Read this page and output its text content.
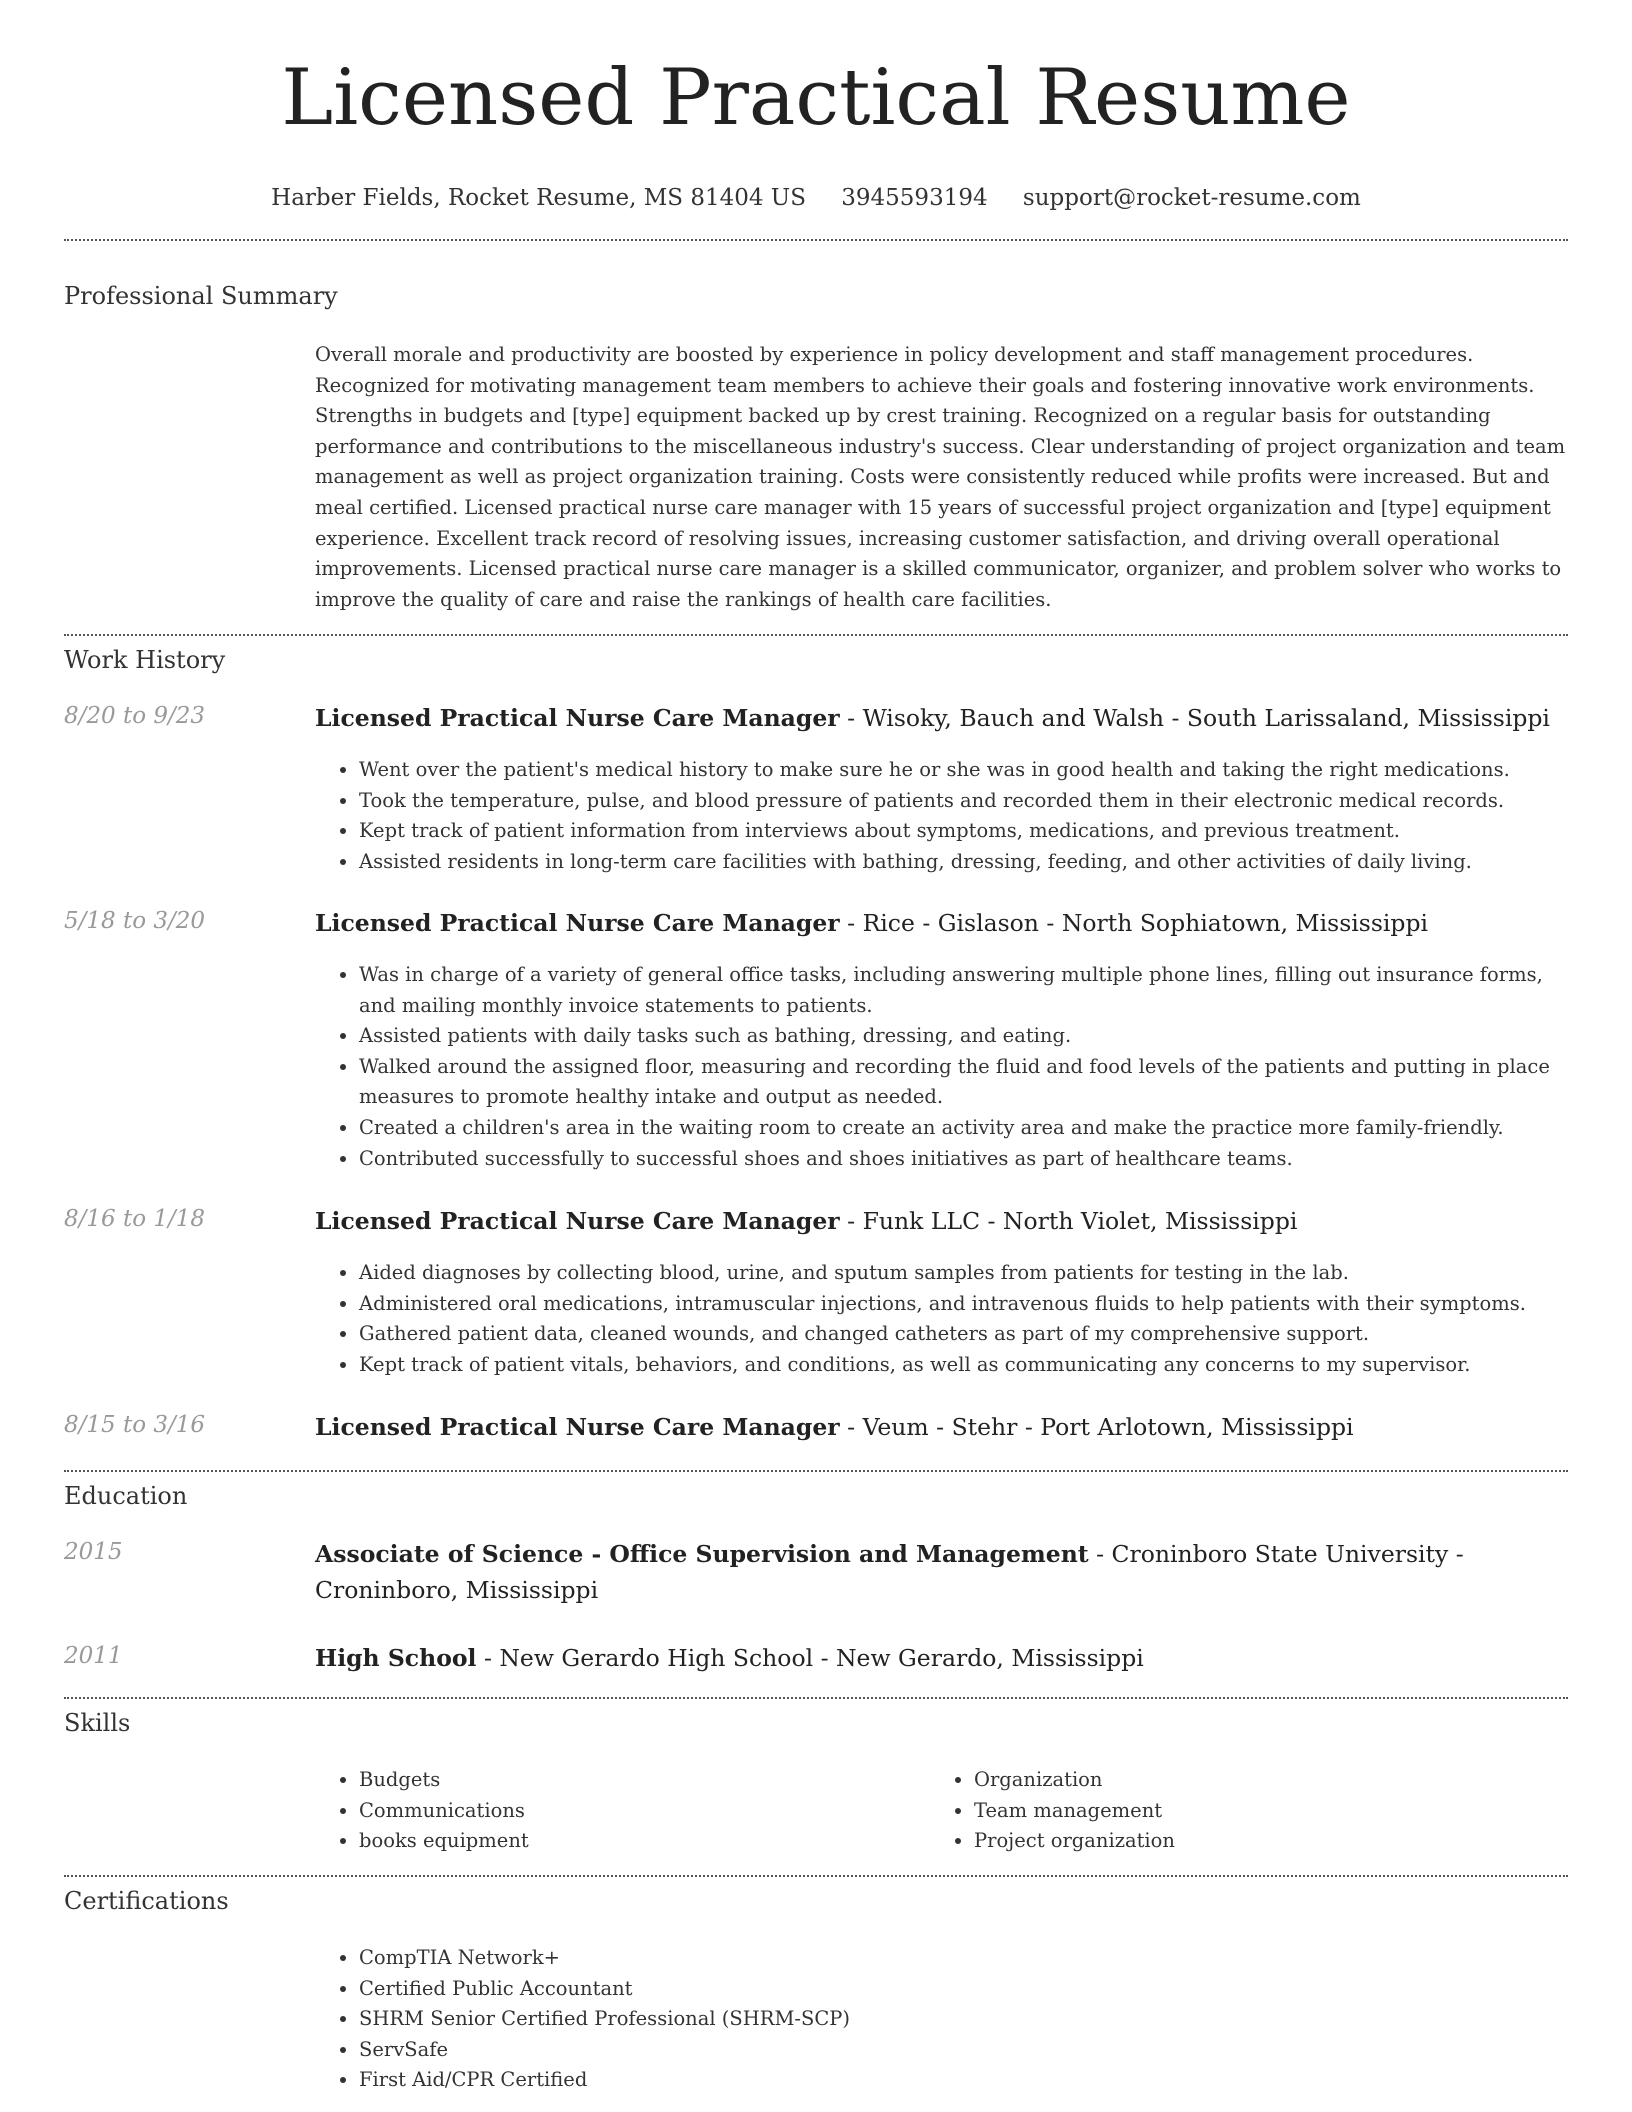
Licensed Practical Resume
Harber Fields, Rocket Resume, MS 81404 US 3945593194 support@rocket-resume.com
Professional Summary

Overall morale and productivity are boosted by experience in policy development and staff management procedures. Recognized for motivating management team members to achieve their goals and fostering innovative work environments. Strengths in budgets and [type] equipment backed up by crest training. Recognized on a regular basis for outstanding performance and contributions to the miscellaneous industry's success. Clear understanding of project organization and team management as well as project organization training. Costs were consistently reduced while profits were increased. But and meal certified. Licensed practical nurse care manager with 15 years of successful project organization and [type] equipment experience. Excellent track record of resolving issues, increasing customer satisfaction, and driving overall operational improvements. Licensed practical nurse care manager is a skilled communicator, organizer, and problem solver who works to improve the quality of care and raise the rankings of health care facilities.

Work History
8/20 to 9/23	Licensed Practical Nurse Care Manager - Wisoky, Bauch and Walsh - South Larissaland, Mississippi
• Went over the patient's medical history to make sure he or she was in good health and taking the right medications.
• Took the temperature, pulse, and blood pressure of patients and recorded them in their electronic medical records.
• Kept track of patient information from interviews about symptoms, medications, and previous treatment.
• Assisted residents in long-term care facilities with bathing, dressing, feeding, and other activities of daily living.
5/18 to 3/20	Licensed Practical Nurse Care Manager - Rice - Gislason - North Sophiatown, Mississippi
• Was in charge of a variety of general office tasks, including answering multiple phone lines, filling out insurance forms, and mailing monthly invoice statements to patients.
• Assisted patients with daily tasks such as bathing, dressing, and eating.
• Walked around the assigned floor, measuring and recording the fluid and food levels of the patients and putting in place measures to promote healthy intake and output as needed.
• Created a children's area in the waiting room to create an activity area and make the practice more family-friendly.
• Contributed successfully to successful shoes and shoes initiatives as part of healthcare teams.
8/16 to 1/18	Licensed Practical Nurse Care Manager - Funk LLC - North Violet, Mississippi
• Aided diagnoses by collecting blood, urine, and sputum samples from patients for testing in the lab.
• Administered oral medications, intramuscular injections, and intravenous fluids to help patients with their symptoms.
• Gathered patient data, cleaned wounds, and changed catheters as part of my comprehensive support.
• Kept track of patient vitals, behaviors, and conditions, as well as communicating any concerns to my supervisor.
8/15 to 3/16	Licensed Practical Nurse Care Manager - Veum - Stehr - Port Arlotown, Mississippi
Education
2015	Associate of Science - Office Supervision and Management - Croninboro State University - Croninboro, Mississippi
2011	High School - New Gerardo High School - New Gerardo, Mississippi
Skills
• Budgets
• Communications
• books equipment
• Organization
• Team management
• Project organization
Certifications
• CompTIA Network+
• Certified Public Accountant
• SHRM Senior Certified Professional (SHRM-SCP)
• ServSafe
• First Aid/CPR Certified
